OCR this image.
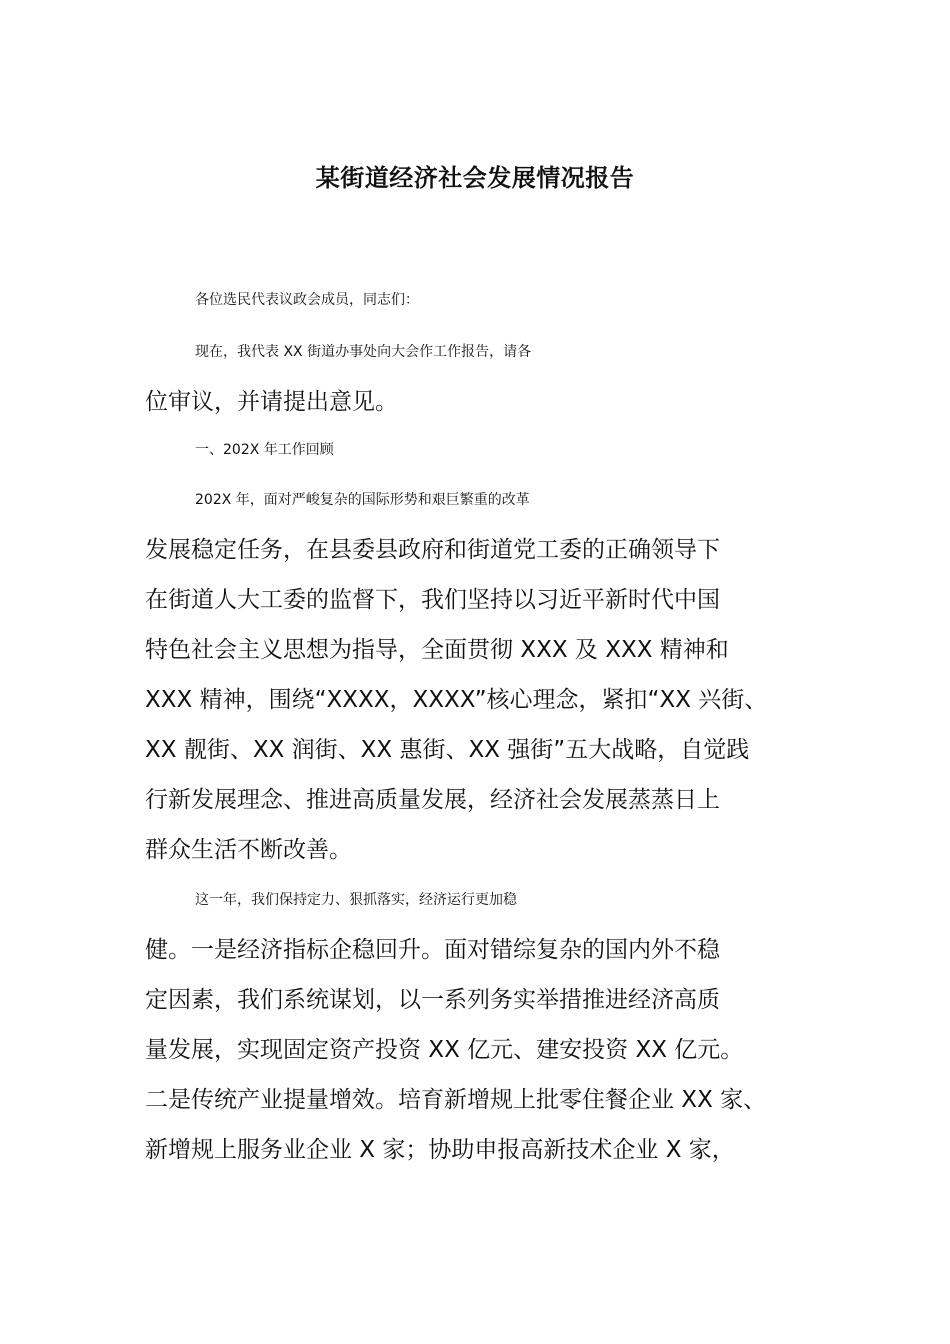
某街道经济社会发展情况报告
各位选民代表议政会成员，同志们：
现在，我代表 XX 街道办事处向大会作工作报告，请各
位审议，并请提出意见。
一、202X 年工作回顾
202X 年，面对严峻复杂的国际形势和艰巨繁重的改革
发展稳定任务，在县委县政府和街道党工委的正确领导下
在街道人大工委的监督下，我们坚持以习近平新时代中国
特色社会主义思想为指导，全面贯彻 XXX 及 XXX 精神和
XXX 精神，围绕“XXXX，XXXX”核心理念，紧扣“XX 兴街、
XX 靓街、XX 润街、XX 惠街、XX 强街”五大战略，自觉践
行新发展理念、推进高质量发展，经济社会发展蒸蒸日上
群众生活不断改善。
这一年，我们保持定力、狠抓落实，经济运行更加稳
健。一是经济指标企稳回升。面对错综复杂的国内外不稳
定因素，我们系统谋划，以一系列务实举措推进经济高质
量发展，实现固定资产投资 XX 亿元、建安投资 XX 亿元。
二是传统产业提量增效。培育新增规上批零住餐企业 XX 家、
新增规上服务业企业 X 家；协助申报高新技术企业 X 家，
